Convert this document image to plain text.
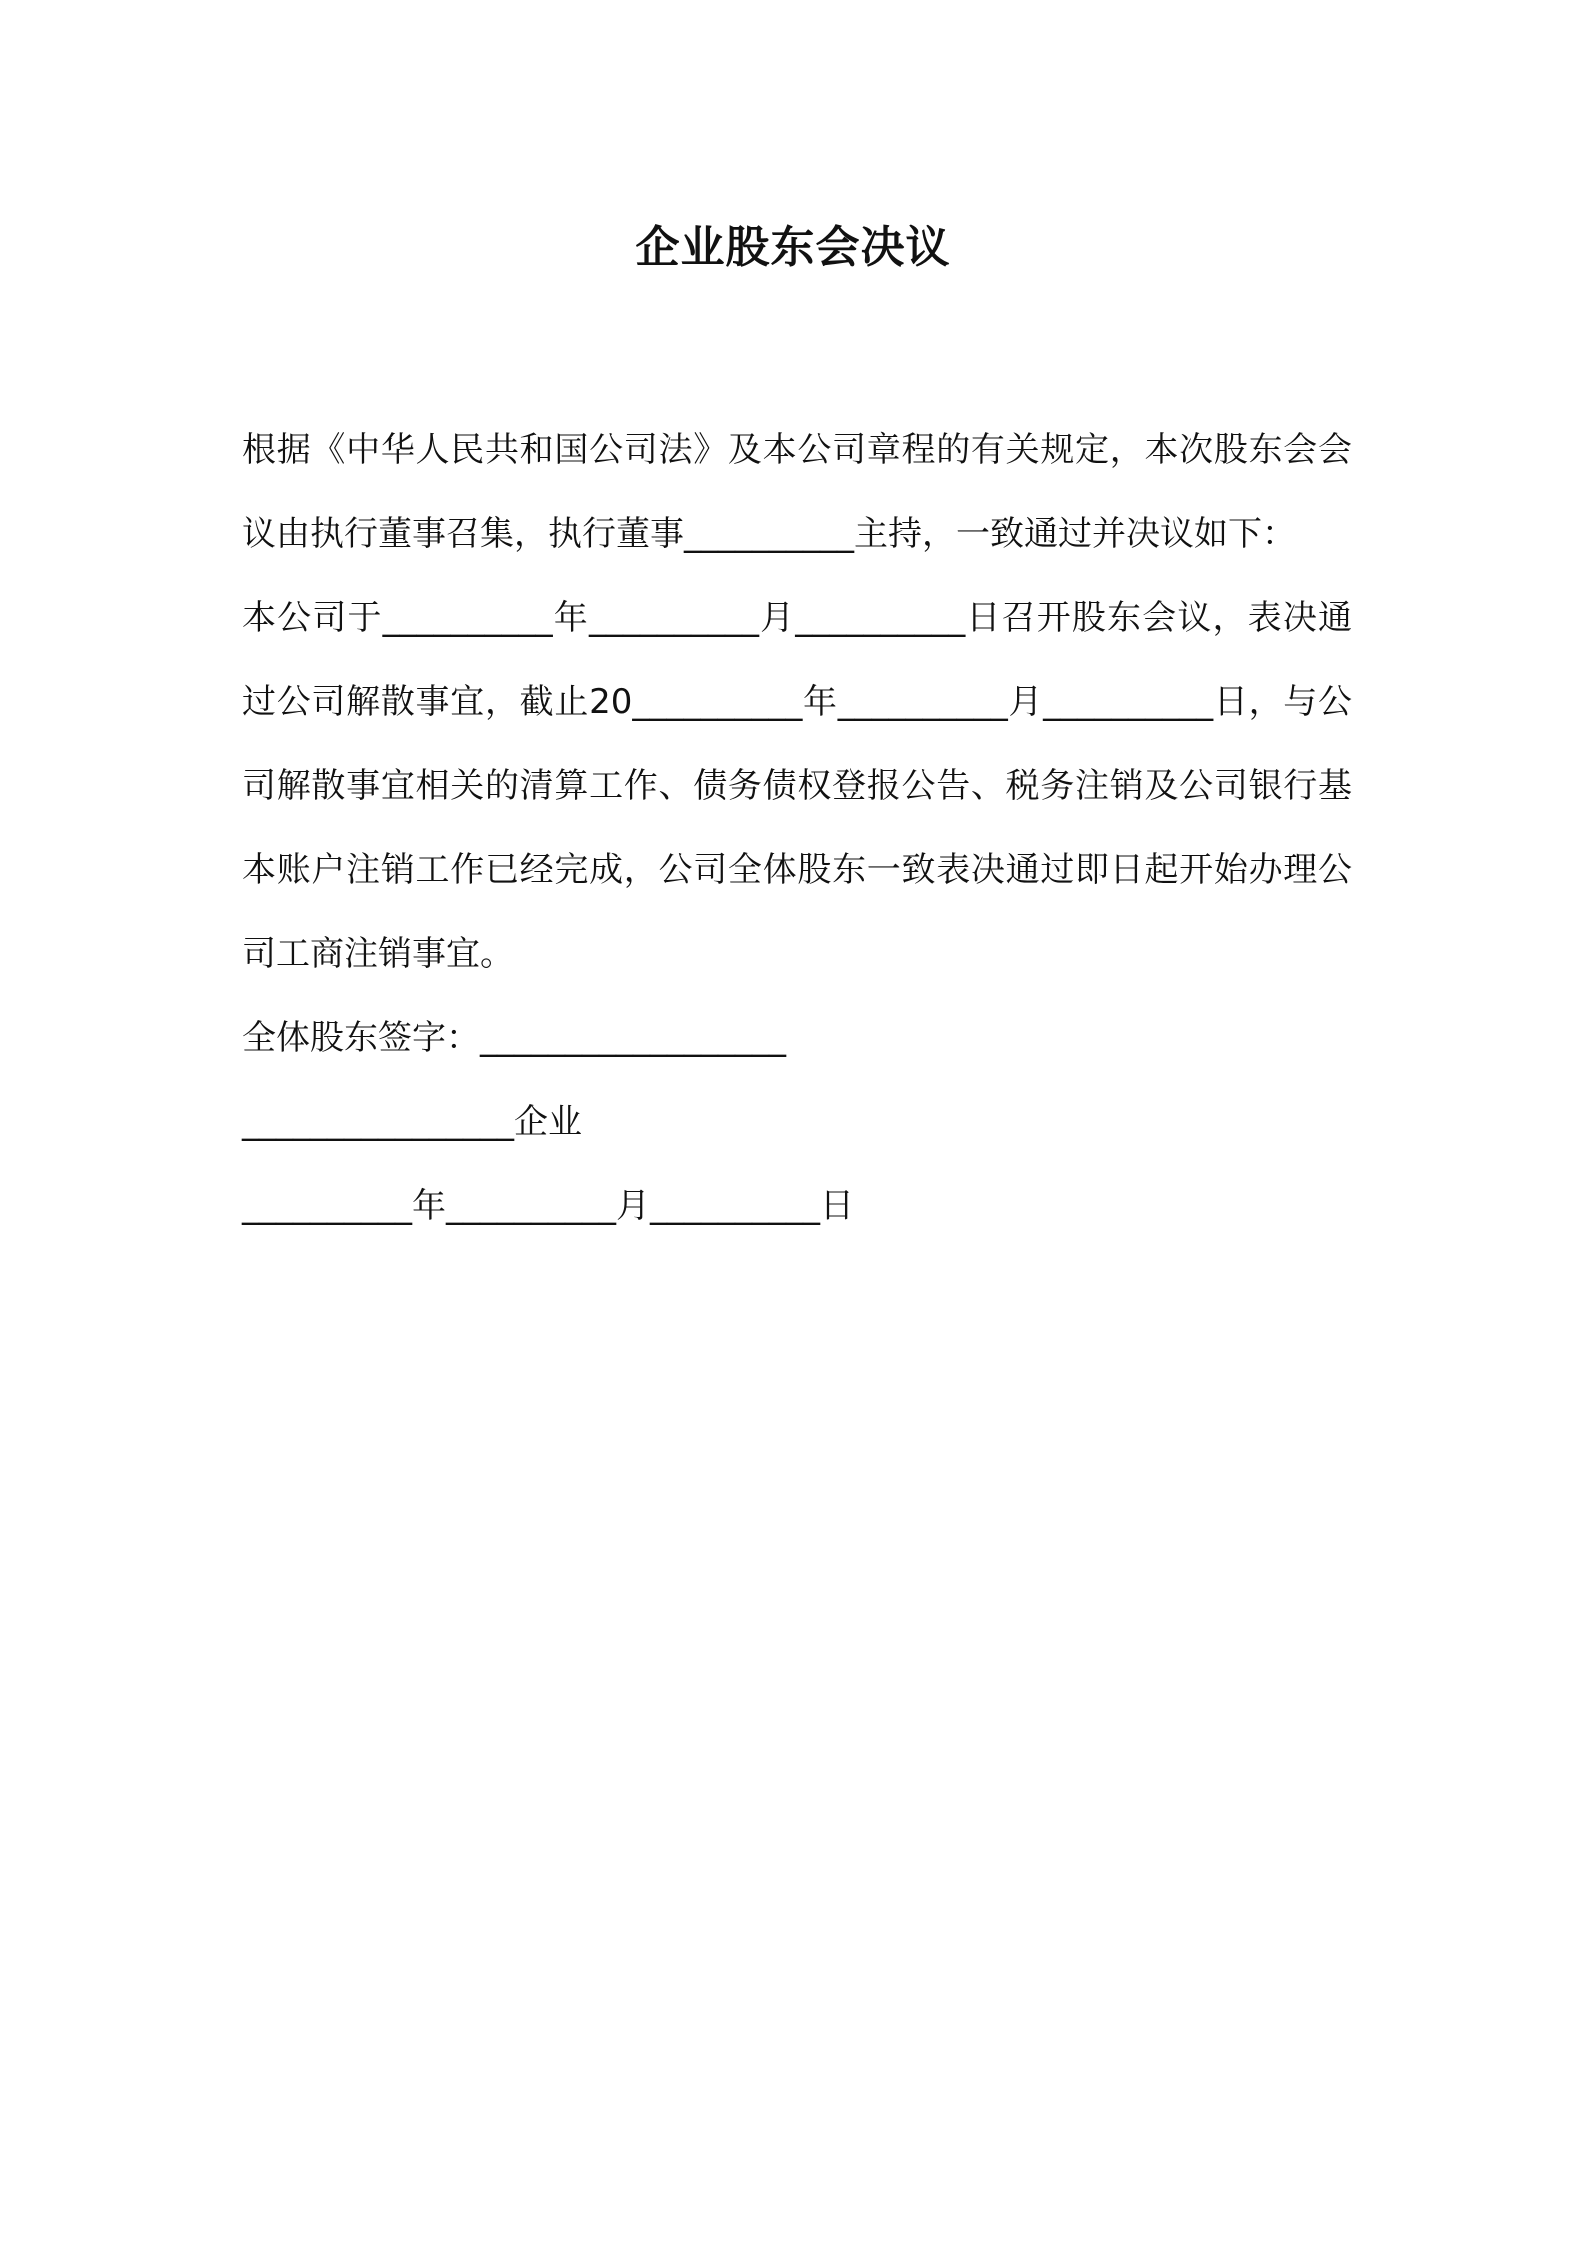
企业股东会决议

根据《中华人民共和国公司法》及本公司章程的有关规定，本次股东会会议由执行董事召集，执行董事__________主持，一致通过并决议如下：

本公司于__________年__________月__________日召开股东会议，表决通过公司解散事宜，截止20__________年__________月__________日，与公司解散事宜相关的清算工作、债务债权登报公告、税务注销及公司银行基本账户注销工作已经完成，公司全体股东一致表决通过即日起开始办理公司工商注销事宜。

全体股东签字：__________________
________________企业
__________年__________月__________日
